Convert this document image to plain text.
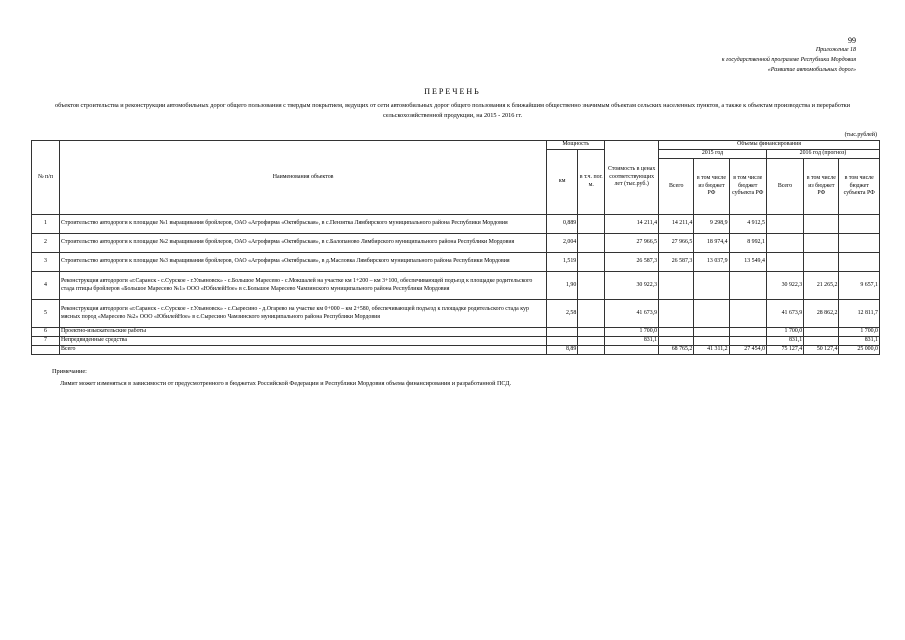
99
Приложение 18
к государственной программе Республики Мордовия
«Развитие автомобильных дорог»
ПЕРЕЧЕНЬ
объектов строительства и реконструкции автомобильных дорог общего пользования с твердым покрытием, ведущих от сети автомобильных дорог общего пользования к ближайшим общественно значимым объектам сельских населенных пунктов, а также к объектам производства и переработки сельскохозяйственной продукции, на 2015 - 2016 гг.
(тыс.рублей)
№ п/п	Наименования объектов	Мощность		Стоимость в ценах соответствующих лет (тыс.руб.)	Объемы финансирования					
		км	в т.ч. пог. м.		2015 год			2016 год (прогноз)		
					Всего	в том числе из бюджет РФ	в том числе бюджет субъекта РФ	Всего	в том числе из бюджет РФ	в том числе бюджет субъекта РФ
1	Строительство автодороги к площадке №1 выращивания бройлеров, ОАО «Агрофирма «Октябрьская», в с.Пензятка Лямбирского муниципального района Республики Мордовия	0,889		14 211,4	14 211,4	9 298,9	4 912,5			
2	Строительство автодороги к площадке №2 выращивания бройлеров, ОАО «Агрофирма «Октябрьская», в с.Балопаново Лямбирского муниципального района Республики Мордовия	2,004		27 966,5	27 966,5	18 974,4	8 992,1			
3	Строительство автодороги к площадке №3 выращивания бройлеров, ОАО «Агрофирма «Октябрьская», в д.Масловка Лямбирского муниципального района Республики Мордовия	1,519		26 587,3	26 587,3	13 037,9	13 549,4			
4	Реконструкция автодороги «г.Саранск - с.Сурское - г.Ульяновск» - с.Большое Маресево - с.Мокшалей на участке км 1+200 – км 3+100, обеспечивающей подъезд к площадке родительского стада птицы бройлеров «Большое Маресево №1» ООО «ЮбилейНое» в с.Большое Маресево Чамзинского муниципального района Республики Мордовия	1,90		30 922,3				30 922,3	21 265,2	9 657,1
5	Реконструкция автодороги «г.Саранск - с.Сурское - г.Ульяновск» - с.Сыресино - д.Огарево на участке км 0+000 – км 2+580, обеспечивающей подъезд к площадке родительского стада кур мясных пород «Маресево №2» ООО «ЮбилейНое» в с.Сыресино Чамзинского муниципального района Республики Мордовия	2,58		41 673,9				41 673,9	28 862,2	12 811,7
6	Проектно-изыскательские работы			1 700,0				1 700,0		1 700,0
7	Непредвиденные средства			831,1				831,1		831,1
	Всего	8,89			68 765,2	41 311,2	27 454,0	75 127,4	50 127,4	25 000,0
Примечание:
Лимит может изменяться в зависимости от предусмотренного в бюджетах Российской Федерации и Республики Мордовия объема финансирования и разработанной ПСД.
